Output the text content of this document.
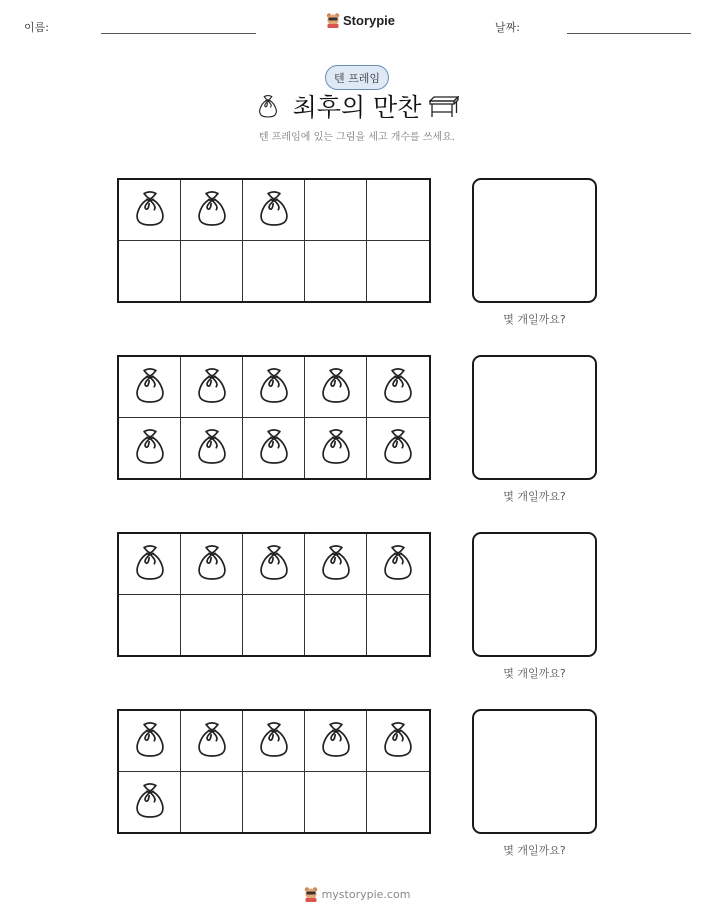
이름:	Storypie	날짜:
텐 프레임
최후의 만찬
텐 프레임에 있는 그림을 세고 개수를 쓰세요.
몇 개일까요?
몇 개일까요?
몇 개일까요?
몇 개일까요?
mystorypie.com
